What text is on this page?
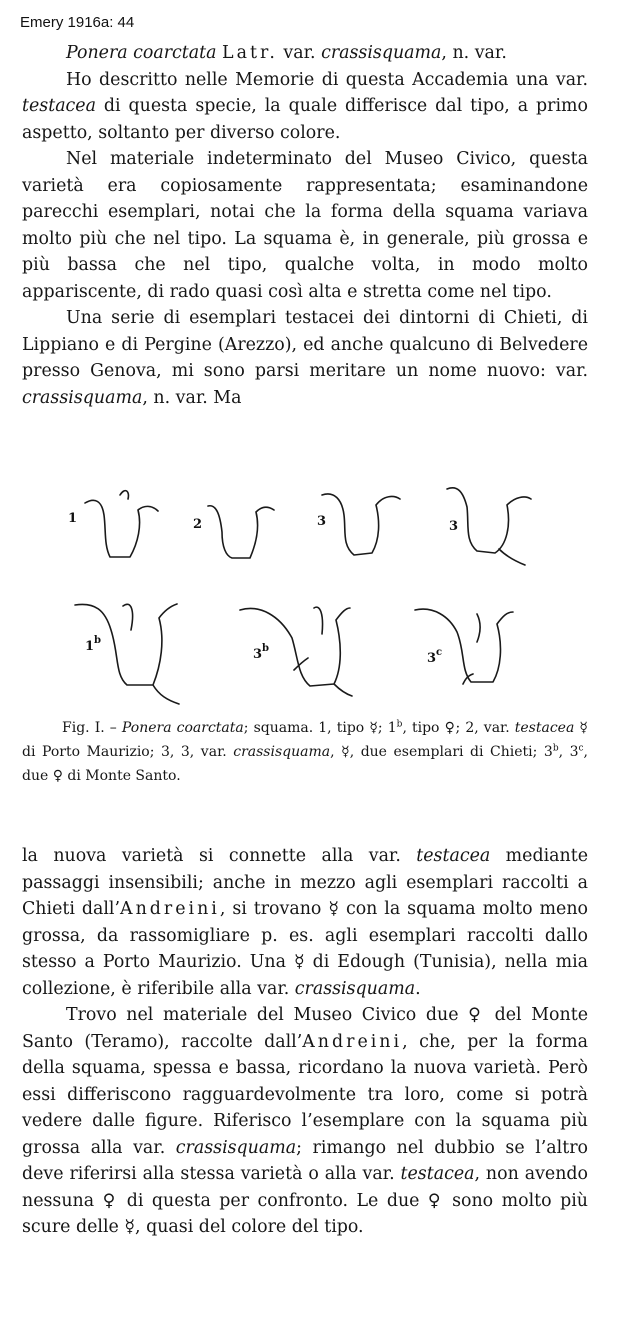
Emery 1916a: 44

Ponera coarctata Latr. var. crassisquama, n. var.

Ho descritto nelle Memorie di questa Accademia una var. testacea di questa specie, la quale differisce dal tipo, a primo aspetto, soltanto per diverso colore.

Nel materiale indeterminato del Museo Civico, questa varietà era copiosamente rappresentata; esaminandone parecchi esemplari, notai che la forma della squama variava molto più che nel tipo. La squama è, in generale, più grossa e più bassa che nel tipo, qualche volta, in modo molto appariscente, di rado quasi così alta e stretta come nel tipo.

Una serie di esemplari testacei dei dintorni di Chieti, di Lippiano e di Pergine (Arezzo), ed anche qualcuno di Belvedere presso Genova, mi sono parsi meritare un nome nuovo: var. crassisquama, n. var. Ma

1	2	3	3
1 b
3 b
3 c

Fig. I. – Ponera coarctata; squama. 1, tipo ☿; 1$^b$, tipo ♀; 2, var. testacea ☿ di Porto Maurizio; 3, 3, var. crassisquama, ☿, due esemplari di Chieti; 3$^b$, 3$^c$, due ♀ di Monte Santo.

la nuova varietà si connette alla var. testacea mediante passaggi insensibili; anche in mezzo agli esemplari raccolti a Chieti dall’Andreini, si trovano ☿ con la squama molto meno grossa, da rassomigliare p. es. agli esemplari raccolti dallo stesso a Porto Maurizio. Una ☿ di Edough (Tunisia), nella mia collezione, è riferibile alla var. crassisquama.

Trovo nel materiale del Museo Civico due ♀ del Monte Santo (Teramo), raccolte dall’Andreini, che, per la forma della squama, spessa e bassa, ricordano la nuova varietà. Però essi differiscono ragguardevolmente tra loro, come si potrà vedere dalle figure. Riferisco l’esemplare con la squama più grossa alla var. crassisquama; rimango nel dubbio se l’altro deve riferirsi alla stessa varietà o alla var. testacea, non avendo nessuna ♀ di questa per confronto. Le due ♀ sono molto più scure delle ☿, quasi del colore del tipo.
